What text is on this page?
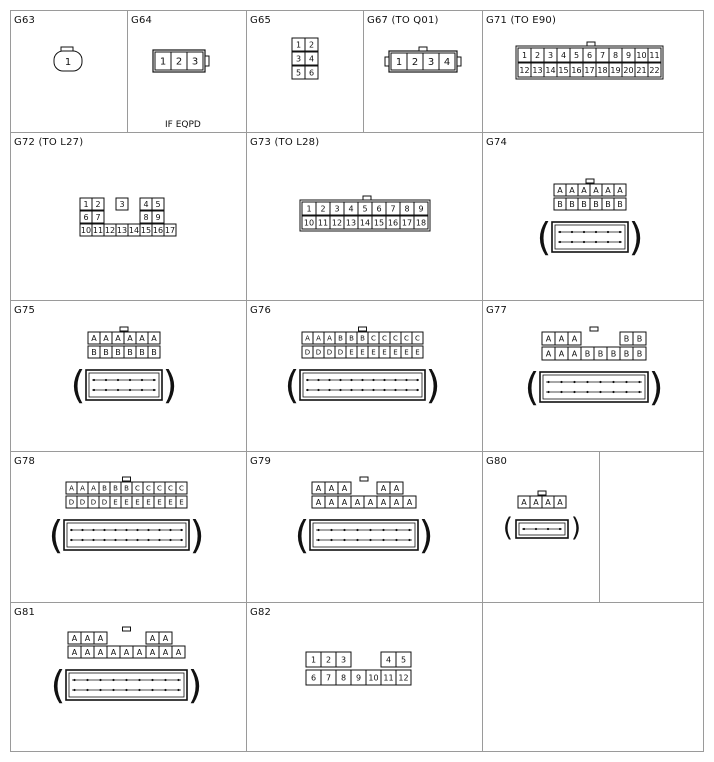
G63	G64
IF EQPD
G65	G67 (TO Q01)	G71 (TO E90)
G72 (TO L27)	G73 (TO L28)	G74
G75	G76	G77
G78	G79	G80
G81	G82
1	1 2 3
1 2
3 4
5 6
1 2 3 4
1 2 3 4 5 6 7 8 9 10 11
12 13 14 15 16 17 18 19 20 21 22
1 2 3 4 5
6 7	8 9
10 11 12 13 14 15 16 17
1 2 3 4 5 6 7 8 9
10 11 12 13 14 15 16 17 18
A A A A A A
B B B B B B
( )
A A A A A A
B B B B B B
( )
A A A B B B C C C C C
D D D D E E E E E E E
(	)
A A A	B B
A A A B B B B B
(	)
A A A B B B C C C C C
D D D D E E E E E E E
(	)
A A A	A A
A A A A A A A A
(	)
A A A A
( )
A A A	A A
A A A A A A A A A
(	)
1 2 3	4 5
6 7 8 9 10 11 12
